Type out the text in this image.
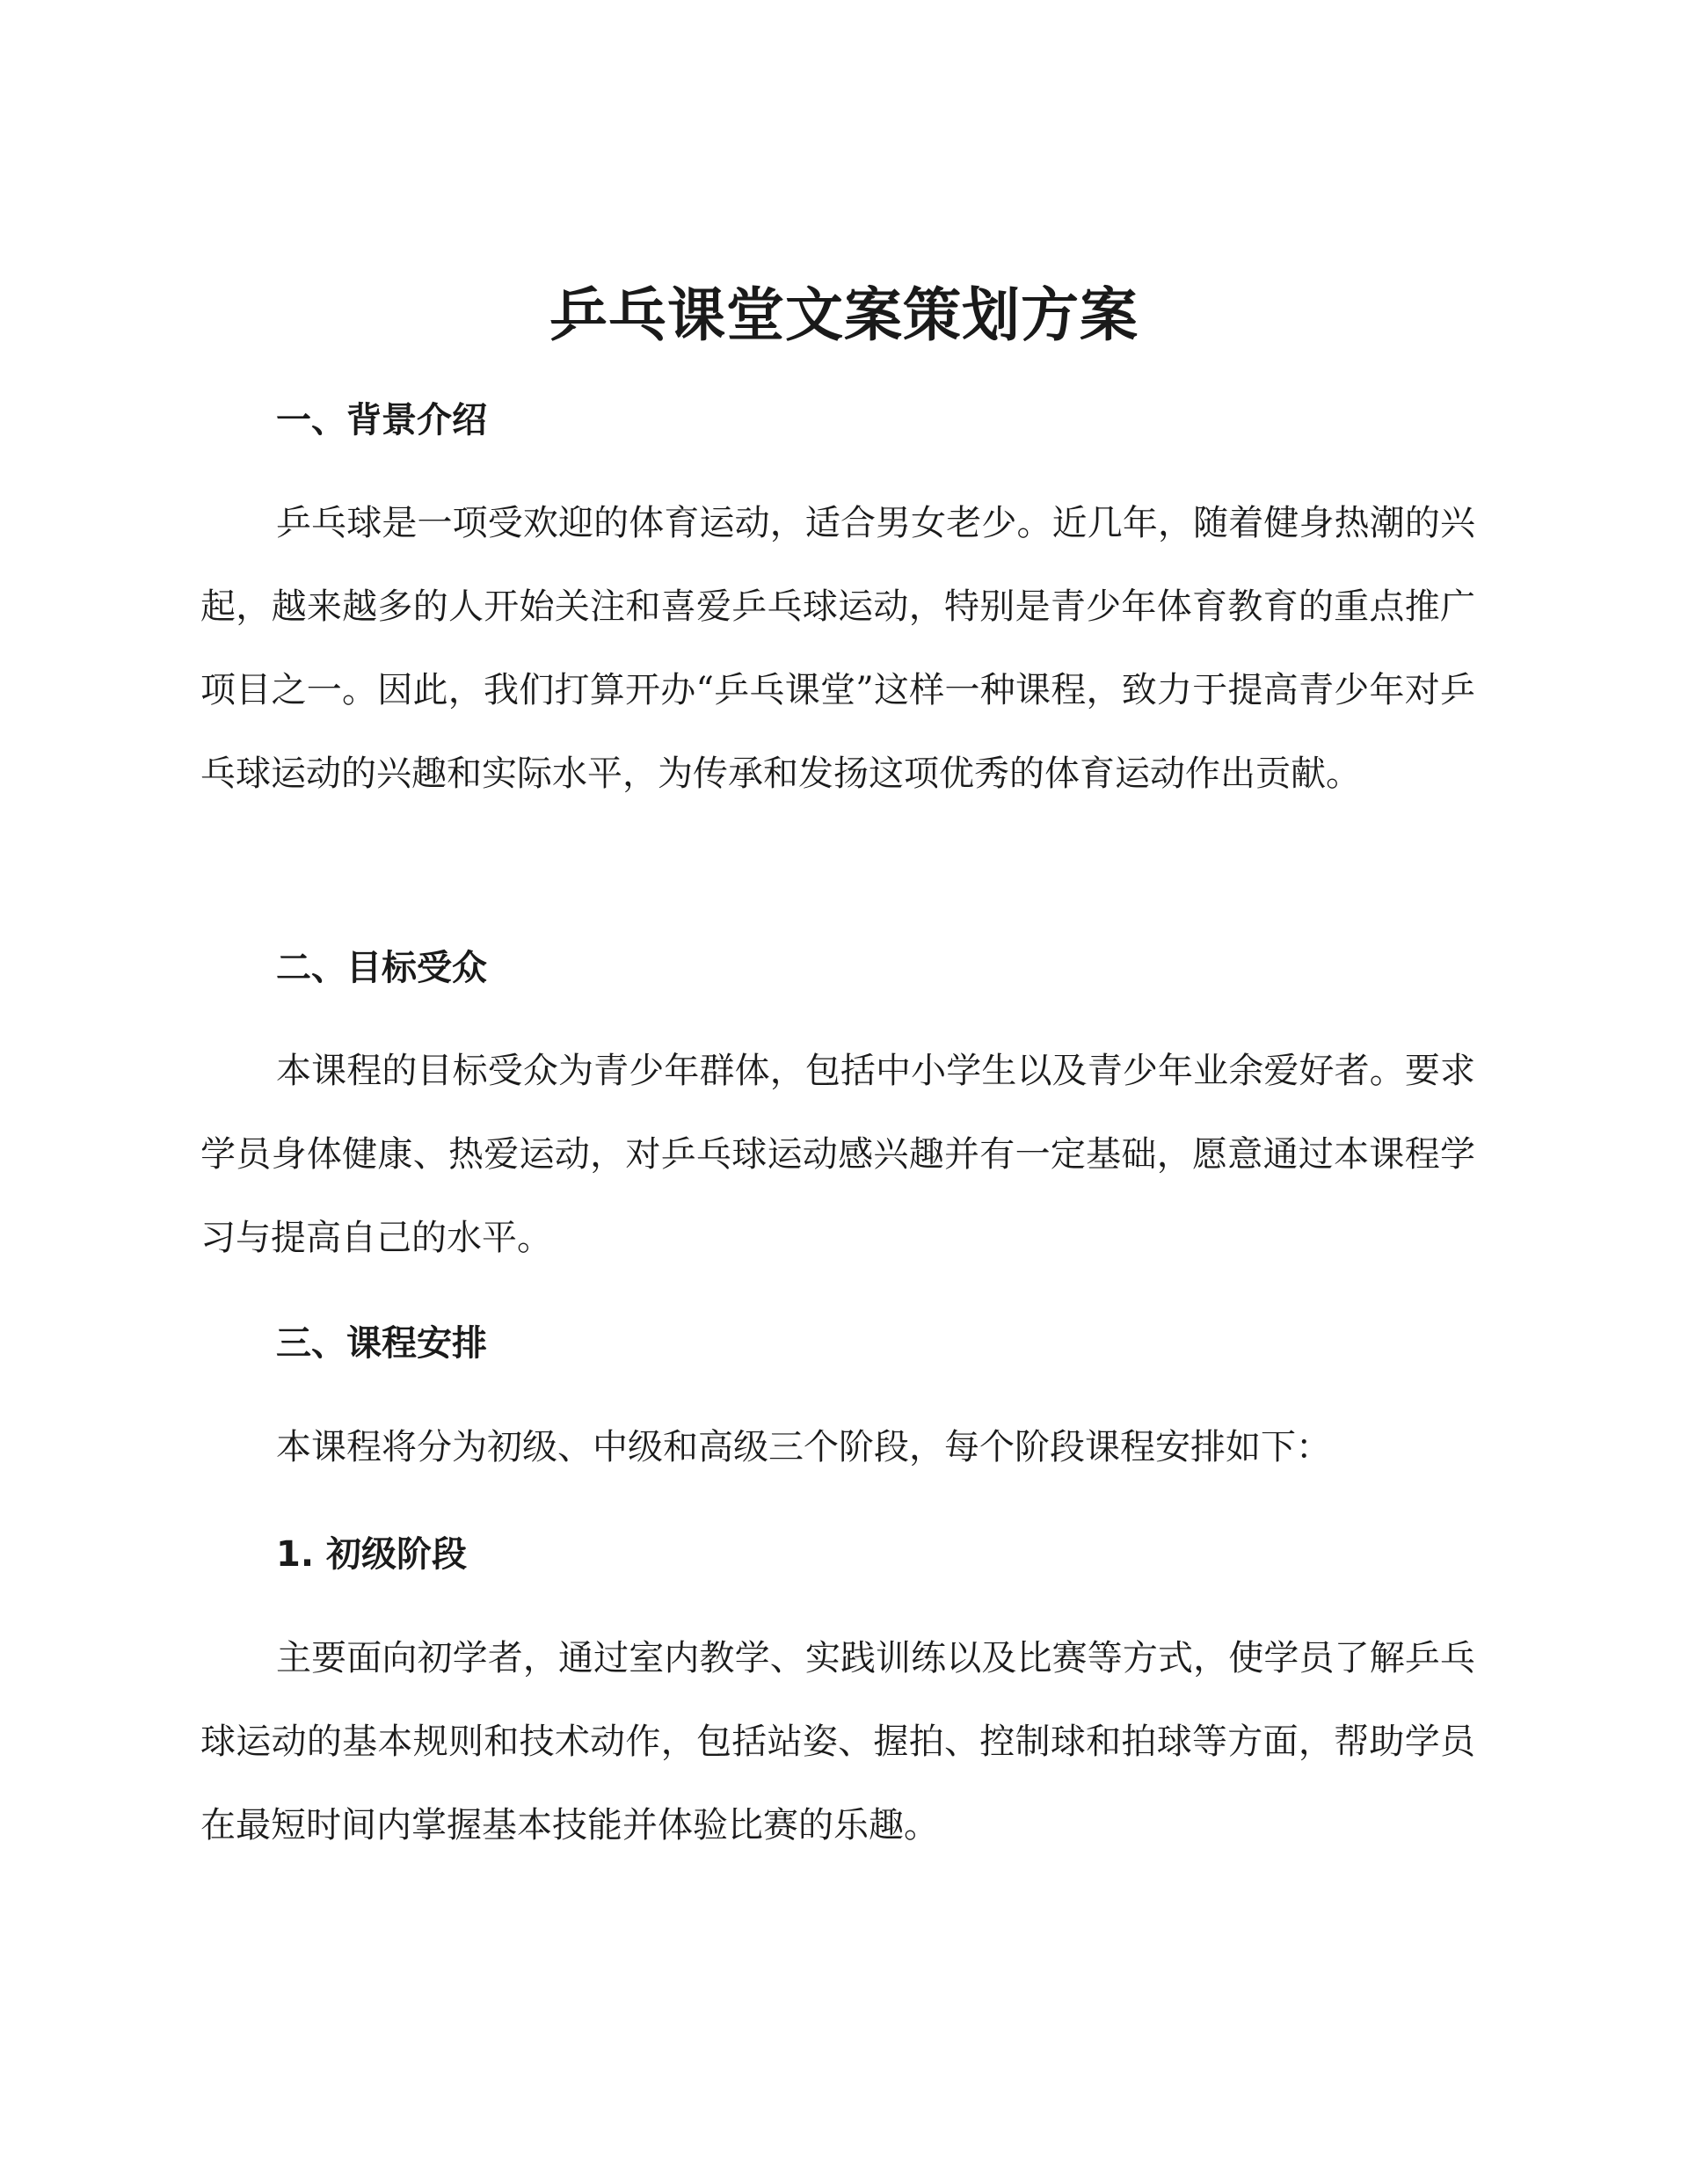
乒乓课堂文案策划方案
一、背景介绍

乒乓球是一项受欢迎的体育运动，适合男女老少。近几年，随着健身热潮的兴起，越来越多的人开始关注和喜爱乒乓球运动，特别是青少年体育教育的重点推广项目之一。因此，我们打算开办“乒乓课堂”这样一种课程，致力于提高青少年对乒乓球运动的兴趣和实际水平，为传承和发扬这项优秀的体育运动作出贡献。

二、目标受众

本课程的目标受众为青少年群体，包括中小学生以及青少年业余爱好者。要求学员身体健康、热爱运动，对乒乓球运动感兴趣并有一定基础，愿意通过本课程学习与提高自己的水平。

三、课程安排

本课程将分为初级、中级和高级三个阶段，每个阶段课程安排如下：

1. 初级阶段

主要面向初学者，通过室内教学、实践训练以及比赛等方式，使学员了解乒乓球运动的基本规则和技术动作，包括站姿、握拍、控制球和拍球等方面，帮助学员在最短时间内掌握基本技能并体验比赛的乐趣。
